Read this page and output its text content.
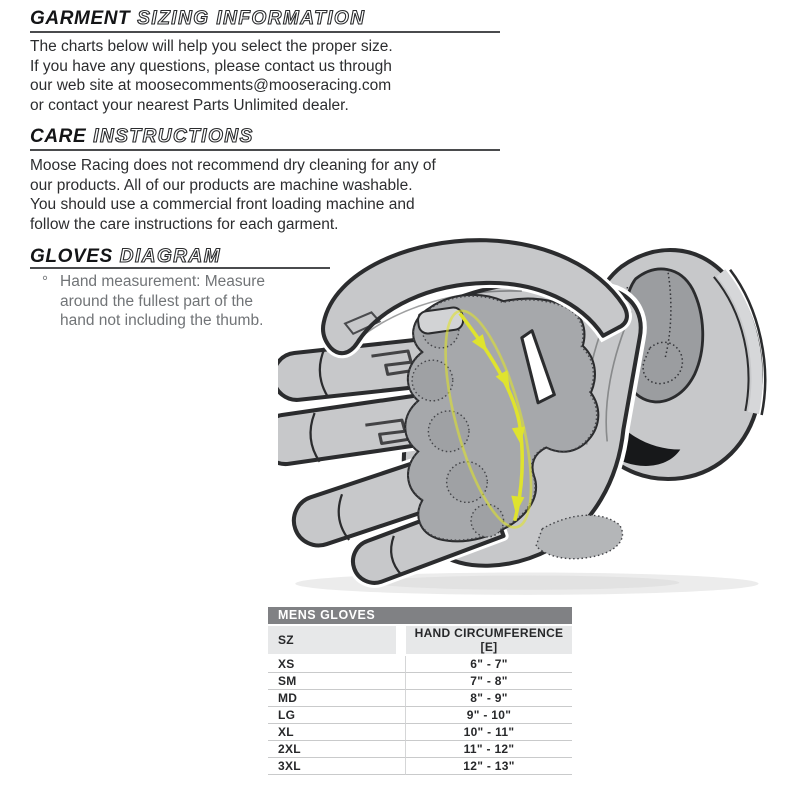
GARMENT SIZING INFORMATION
The charts below will help you select the proper size.
If you have any questions, please contact us through
our web site at moosecomments@mooseracing.com
or contact your nearest Parts Unlimited dealer.
CARE INSTRUCTIONS
Moose Racing does not recommend dry cleaning for any of
our products. All of our products are machine washable.
You should use a commercial front loading machine and
follow the care instructions for each garment.
GLOVES DIAGRAM
° Hand measurement: Measure
around the fullest part of the
hand not including the thumb.
MENS GLOVES
SZ	HAND CIRCUMFERENCE [E]
XS	6" - 7"
SM	7" - 8"
MD	8" - 9"
LG	9" - 10"
XL	10" - 11"
2XL	11" - 12"
3XL	12" - 13"
